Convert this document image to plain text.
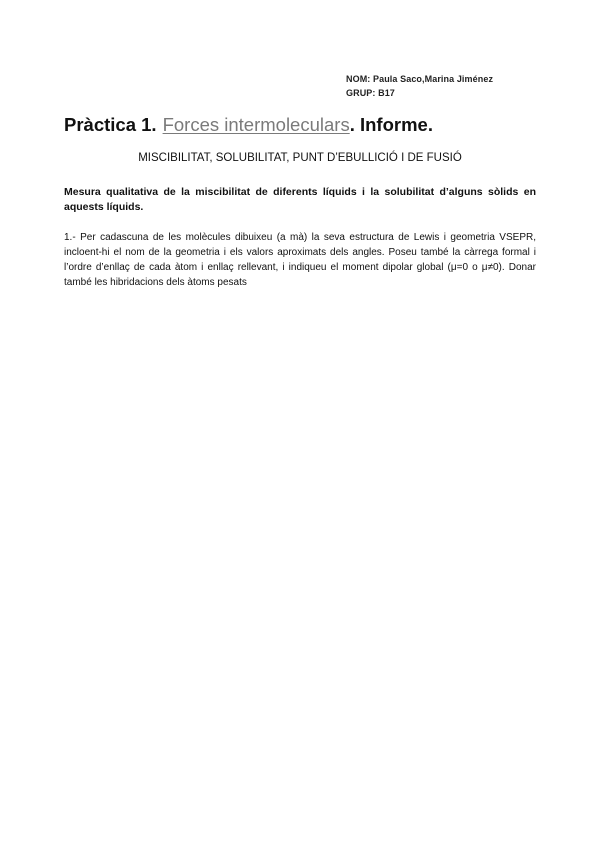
NOM: Paula Saco,Marina Jiménez
GRUP: B17
Pràctica 1. Forces intermoleculars. Informe.
MISCIBILITAT, SOLUBILITAT, PUNT D’EBULLICIÓ I DE FUSIÓ
Mesura qualitativa de la miscibilitat de diferents líquids i la solubilitat d’alguns sòlids en aquests líquids.
1.- Per cadascuna de les molècules dibuixeu (a mà) la seva estructura de Lewis i geometria VSEPR, incloent-hi el nom de la geometria i els valors aproximats dels angles. Poseu també la càrrega formal i l’ordre d’enllaç de cada àtom i enllaç rellevant, i indiqueu el moment dipolar global (μ=0 o μ≠0). Donar també les hibridacions dels àtoms pesats
